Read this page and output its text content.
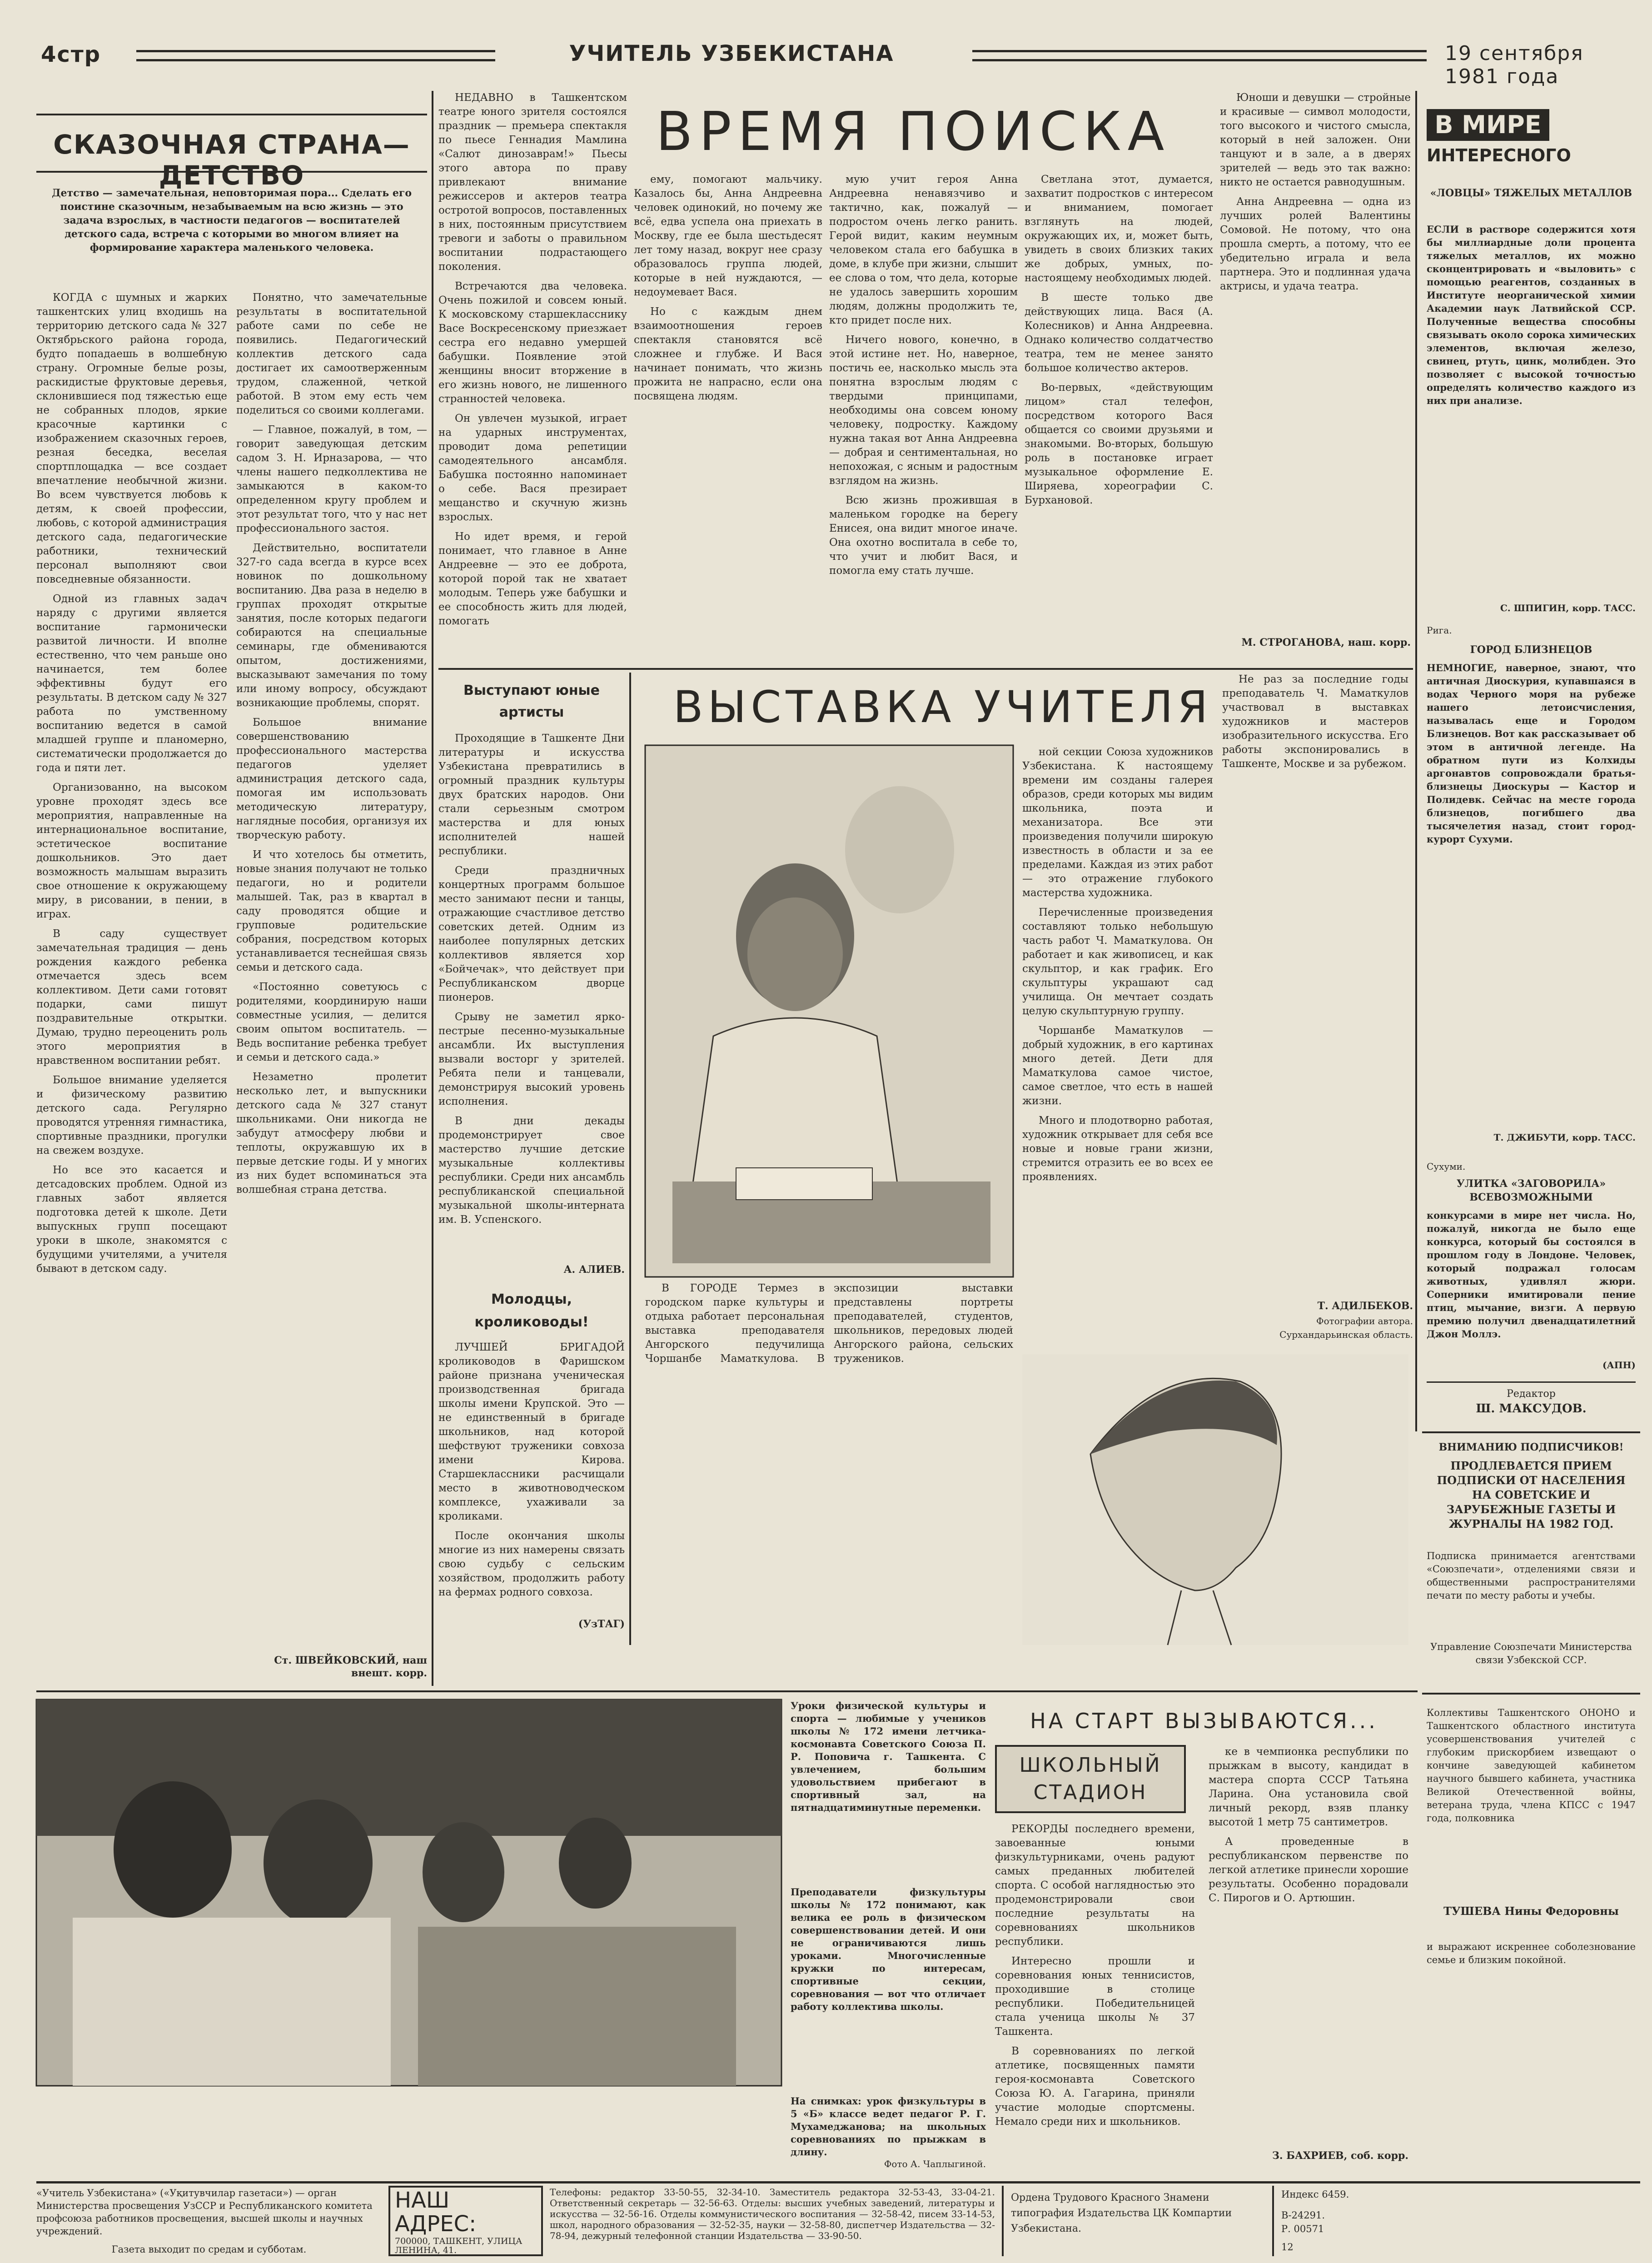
4стр	УЧИТЕЛЬ УЗБЕКИСТАНА	19 сентября 1981 года
СКАЗОЧНАЯ СТРАНА—ДЕТСТВО
Детство — замечательная, неповторимая пора... Сделать его поистине сказочным, незабываемым на всю жизнь — это задача взрослых, в частности педагогов — воспитателей детского сада, встреча с которыми во многом влияет на формирование характера маленького человека.

КОГДА с шумных и жарких ташкентских улиц входишь на территорию детского сада № 327 Октябрьского района города, будто попадаешь в волшебную страну. Огромные белые розы, раскидистые фруктовые деревья, склонившиеся под тяжестью еще не собранных плодов, яркие красочные картинки с изображением сказочных героев, резная беседка, веселая спортплощадка — все создает впечатление необычной жизни. Во всем чувствуется любовь к детям, к своей профессии, любовь, с которой администрация детского сада, педагогические работники, технический персонал выполняют свои повседневные обязанности.

Одной из главных задач наряду с другими является воспитание гармонически развитой личности. И вполне естественно, что чем раньше оно начинается, тем более эффективны будут его результаты. В детском саду № 327 работа по умственному воспитанию ведется в самой младшей группе и планомерно, систематически продолжается до года и пяти лет.

Организованно, на высоком уровне проходят здесь все мероприятия, направленные на интернациональное воспитание, эстетическое воспитание дошкольников. Это дает возможность малышам выразить свое отношение к окружающему миру, в рисовании, в пении, в играх.

В саду существует замечательная традиция — день рождения каждого ребенка отмечается здесь всем коллективом. Дети сами готовят подарки, сами пишут поздравительные открытки. Думаю, трудно переоценить роль этого мероприятия в нравственном воспитании ребят.

Большое внимание уделяется и физическому развитию детского сада. Регулярно проводятся утренняя гимнастика, спортивные праздники, прогулки на свежем воздухе.

Но все это касается и детсадовских проблем. Одной из главных забот является подготовка детей к школе. Дети выпускных групп посещают уроки в школе, знакомятся с будущими учителями, а учителя бывают в детском саду.

Понятно, что замечательные результаты в воспитательной работе сами по себе не появились. Педагогический коллектив детского сада достигает их самоотверженным трудом, слаженной, четкой работой. В этом ему есть чем поделиться со своими коллегами.

— Главное, пожалуй, в том, — говорит заведующая детским садом З. Н. Ирназарова, — что члены нашего педколлектива не замыкаются в каком-то определенном кругу проблем и этот результат того, что у нас нет профессионального застоя.

Действительно, воспитатели 327-го сада всегда в курсе всех новинок по дошкольному воспитанию. Два раза в неделю в группах проходят открытые занятия, после которых педагоги собираются на специальные семинары, где обмениваются опытом, достижениями, высказывают замечания по тому или иному вопросу, обсуждают возникающие проблемы, спорят.

Большое внимание совершенствованию профессионального мастерства педагогов уделяет администрация детского сада, помогая им использовать методическую литературу, наглядные пособия, организуя их творческую работу.

И что хотелось бы отметить, новые знания получают не только педагоги, но и родители малышей. Так, раз в квартал в саду проводятся общие и групповые родительские собрания, посредством которых устанавливается теснейшая связь семьи и детского сада.

«Постоянно советуюсь с родителями, координирую наши совместные усилия, — делится своим опытом воспитатель. — Ведь воспитание ребенка требует и семьи и детского сада.»

Незаметно пролетит несколько лет, и выпускники детского сада № 327 станут школьниками. Они никогда не забудут атмосферу любви и теплоты, окружавшую их в первые детские годы. И у многих из них будет вспоминаться эта волшебная страна детства.

Ст. ШВЕЙКОВСКИЙ, наш внешт. корр.
ВРЕМЯ ПОИСКА

НЕДАВНО в Ташкентском театре юного зрителя состоялся праздник — премьера спектакля по пьесе Геннадия Мамлина «Салют динозаврам!» Пьесы этого автора по праву привлекают внимание режиссеров и актеров театра остротой вопросов, поставленных в них, постоянным присутствием тревоги и заботы о правильном воспитании подрастающего поколения.

Встречаются два человека. Очень пожилой и совсем юный. К московскому старшекласснику Васе Воскресенскому приезжает сестра его недавно умершей бабушки. Появление этой женщины вносит вторжение в его жизнь нового, не лишенного странностей человека.

Он увлечен музыкой, играет на ударных инструментах, проводит дома репетиции самодеятельного ансамбля. Бабушка постоянно напоминает о себе. Вася презирает мещанство и скучную жизнь взрослых.

Но идет время, и герой понимает, что главное в Анне Андреевне — это ее доброта, которой порой так не хватает молодым. Теперь уже бабушки и ее способность жить для людей, помогать

ему, помогают мальчику. Казалось бы, Анна Андреевна человек одинокий, но почему же всё, едва успела она приехать в Москву, где ее была шестьдесят лет тому назад, вокруг нее сразу образовалось группа людей, которые в ней нуждаются, — недоумевает Вася.

Но с каждым днем взаимоотношения героев спектакля становятся всё сложнее и глубже. И Вася начинает понимать, что жизнь прожита не напрасно, если она посвящена людям.

мую учит героя Анна Андреевна ненавязчиво и тактично, как, пожалуй — подростом очень легко ранить. Герой видит, каким неумным человеком стала его бабушка в доме, в клубе при жизни, слышит ее слова о том, что дела, которые не удалось завершить хорошим людям, должны продолжить те, кто придет после них.

Ничего нового, конечно, в этой истине нет. Но, наверное, постичь ее, насколько мысль эта понятна взрослым людям с твердыми принципами, необходимы она совсем юному человеку, подростку. Каждому нужна такая вот Анна Андреевна — добрая и сентиментальная, но непохожая, с ясным и радостным взглядом на жизнь.

Всю жизнь прожившая в маленьком городке на берегу Енисея, она видит многое иначе. Она охотно воспитала в себе то, что учит и любит Вася, и помогла ему стать лучше.

Светлана этот, думается, захватит подростков с интересом и вниманием, помогает взглянуть на людей, окружающих их, и, может быть, увидеть в своих близких таких же добрых, умных, по-настоящему необходимых людей.

В шесте только две действующих лица. Вася (А. Колесников) и Анна Андреевна. Однако количество солдатчество театра, тем не менее занято большое количество актеров.

Во-первых, «действующим лицом» стал телефон, посредством которого Вася общается со своими друзьями и знакомыми. Во-вторых, большую роль в постановке играет музыкальное оформление Е. Ширяева, хореографии С. Бурхановой.

Юноши и девушки — стройные и красивые — символ молодости, того высокого и чистого смысла, который в ней заложен. Они танцуют и в зале, а в дверях зрителей — ведь это так важно: никто не остается равнодушным.

Анна Андреевна — одна из лучших ролей Валентины Сомовой. Не потому, что она прошла смерть, а потому, что ее убедительно играла и вела партнера. Это и подлинная удача актрисы, и удача театра.

М. СТРОГАНОВА, наш. корр.
В МИРЕ
ИНТЕРЕСНОГО
«ЛОВЦЫ» ТЯЖЕЛЫХ МЕТАЛЛОВ
ЕСЛИ в растворе содержится хотя бы миллиардные доли процента тяжелых металлов, их можно сконцентрировать и «выловить» с помощью реагентов, созданных в Институте неорганической химии Академии наук Латвийской ССР. Полученные вещества способны связывать около сорока химических элементов, включая железо, свинец, ртуть, цинк, молибден. Это позволяет с высокой точностью определять количество каждого из них при анализе.
С. ШПИГИН, корр. ТАСС.
Рига.
ГОРОД БЛИЗНЕЦОВ
НЕМНОГИЕ, наверное, знают, что античная Диоскурия, купавшаяся в водах Черного моря на рубеже нашего летоисчисления, называлась еще и Городом Близнецов. Вот как рассказывает об этом в античной легенде. На обратном пути из Колхиды аргонавтов сопровождали братья-близнецы Диоскуры — Кастор и Полидевк. Сейчас на месте города близнецов, погибшего два тысячелетия назад, стоит город-курорт Сухуми.
Т. ДЖИБУТИ, корр. ТАСС.
Сухуми.
УЛИТКА «ЗАГОВОРИЛА» ВСЕВОЗМОЖНЫМИ
конкурсами в мире нет числа. Но, пожалуй, никогда не было еще конкурса, который бы состоялся в прошлом году в Лондоне. Человек, который подражал голосам животных, удивлял жюри. Соперники имитировали пение птиц, мычание, визги. А первую премию получил двенадцатилетний Джон Моллэ.
(АПН)
Редактор
Ш. МАКСУДОВ.
ВНИМАНИЮ ПОДПИСЧИКОВ!
ПРОДЛЕВАЕТСЯ ПРИЕМ ПОДПИСКИ ОТ НАСЕЛЕНИЯ НА СОВЕТСКИЕ И ЗАРУБЕЖНЫЕ ГАЗЕТЫ И ЖУРНАЛЫ НА 1982 ГОД.
Подписка принимается агентствами «Союзпечати», отделениями связи и общественными распространителями печати по месту работы и учебы.
Управление Союзпечати Министерства связи Узбекской ССР.
Коллективы Ташкентского ОНОНО и Ташкентского областного института усовершенствования учителей с глубоким прискорбием извещают о кончине заведующей кабинетом научного бывшего кабинета, участника Великой Отечественной войны, ветерана труда, члена КПСС с 1947 года, полковника
ТУШЕВА Нины Федоровны
и выражают искреннее соболезнование семье и близким покойной.
Выступают юные
артисты

Проходящие в Ташкенте Дни литературы и искусства Узбекистана превратились в огромный праздник культуры двух братских народов. Они стали серьезным смотром мастерства и для юных исполнителей нашей республики.

Среди праздничных концертных программ большое место занимают песни и танцы, отражающие счастливое детство советских детей. Одним из наиболее популярных детских коллективов является хор «Бойчечак», что действует при Республиканском дворце пионеров.

Срыву не заметил ярко-пестрые песенно-музыкальные ансамбли. Их выступления вызвали восторг у зрителей. Ребята пели и танцевали, демонстрируя высокий уровень исполнения.

В дни декады продемонстрирует свое мастерство лучшие детские музыкальные коллективы республики. Среди них ансамбль республиканской специальной музыкальной школы-интерната им. В. Успенского.

А. АЛИЕВ.
Молодцы,
кролиководы!

ЛУЧШЕЙ БРИГАДОЙ кролиководов в Фаришском районе признана ученическая производственная бригада школы имени Крупской. Это — не единственный в бригаде школьников, над которой шефствуют труженики совхоза имени Кирова. Старшеклассники расчищали место в животноводческом комплексе, ухаживали за кроликами.

После окончания школы многие из них намерены связать свою судьбу с сельским хозяйством, продолжить работу на фермах родного совхоза.

(УзТАГ)
ВЫСТАВКА УЧИТЕЛЯ

ной секции Союза художников Узбекистана. К настоящему времени им созданы галерея образов, среди которых мы видим школьника, поэта и механизатора. Все эти произведения получили широкую известность в области и за ее пределами. Каждая из этих работ — это отражение глубокого мастерства художника.

Перечисленные произведения составляют только небольшую часть работ Ч. Маматкулова. Он работает и как живописец, и как скульптор, и как график. Его скульптуры украшают сад училища. Он мечтает создать целую скульптурную группу.

Чоршанбе Маматкулов — добрый художник, в его картинах много детей. Дети для Маматкулова самое чистое, самое светлое, что есть в нашей жизни.

Много и плодотворно работая, художник открывает для себя все новые и новые грани жизни, стремится отразить ее во всех ее проявлениях.

Не раз за последние годы преподаватель Ч. Маматкулов участвовал в выставках художников и мастеров изобразительного искусства. Его работы экспонировались в Ташкенте, Москве и за рубежом.

Т. АДИЛБЕКОВ.
Фотографии автора.
Сурхандарьинская область.

В ГОРОДЕ Термез в городском парке культуры и отдыха работает персональная выставка преподавателя Ангорского педучилища Чоршанбе Маматкулова. В экспозиции выставки представлены портреты преподавателей, студентов, школьников, передовых людей Ангорского района, сельских тружеников.

Уроки физической культуры и спорта — любимые у учеников школы № 172 имени летчика-космонавта Советского Союза П. Р. Поповича г. Ташкента. С увлечением, большим удовольствием прибегают в спортивный зал, на пятнадцатиминутные переменки.
Преподаватели физкультуры школы № 172 понимают, как велика ее роль в физическом совершенствовании детей. И они не ограничиваются лишь уроками. Многочисленные кружки по интересам, спортивные секции, соревнования — вот что отличает работу коллектива школы.
На снимках: урок физкультуры в 5 «Б» классе ведет педагог Р. Г. Мухамеджанова; на школьных соревнованиях по прыжкам в длину.
Фото А. Чаплыгиной.
НА СТАРТ ВЫЗЫВАЮТСЯ...
ШКОЛЬНЫЙ
СТАДИОН

РЕКОРДЫ последнего времени, завоеванные юными физкультурниками, очень радуют самых преданных любителей спорта. С особой наглядностью это продемонстрировали свои последние результаты на соревнованиях школьников республики.

Интересно прошли и соревнования юных теннисистов, проходившие в столице республики. Победительницей стала ученица школы № 37 Ташкента.

В соревнованиях по легкой атлетике, посвященных памяти героя-космонавта Советского Союза Ю. А. Гагарина, приняли участие молодые спортсмены. Немало среди них и школьников.

ке в чемпионка республики по прыжкам в высоту, кандидат в мастера спорта СССР Татьяна Ларина. Она установила свой личный рекорд, взяв планку высотой 1 метр 75 сантиметров.

А проведенные в республиканском первенстве по легкой атлетике принесли хорошие результаты. Особенно порадовали С. Пирогов и О. Артюшин.

З. БАХРИЕВ, соб. корр.
«Учитель Узбекистана» («Уқитувчилар газетаси») — орган Министерства просвещения УзССР и Республиканского комитета профсоюза работников просвещения, высшей школы и научных учреждений.
Газета выходит по средам и субботам.
НАШ
АДРЕС:
700000, ТАШКЕНТ, УЛИЦА ЛЕНИНА, 41.
Телефоны: редактор 33-50-55, 32-34-10. Заместитель редактора 32-53-43, 33-04-21. Ответственный секретарь — 32-56-63. Отделы: высших учебных заведений, литературы и искусства — 32-56-16. Отделы коммунистического воспитания — 32-58-42, писем 33-14-53, школ, народного образования — 32-52-35, науки — 32-58-80, диспетчер Издательства — 32-78-94, дежурный телефонной станции Издательства — 33-90-50.
Ордена Трудового Красного Знамени типография Издательства ЦК Компартии Узбекистана.
Индекс 6459.
В-24291.
Р. 00571
12
